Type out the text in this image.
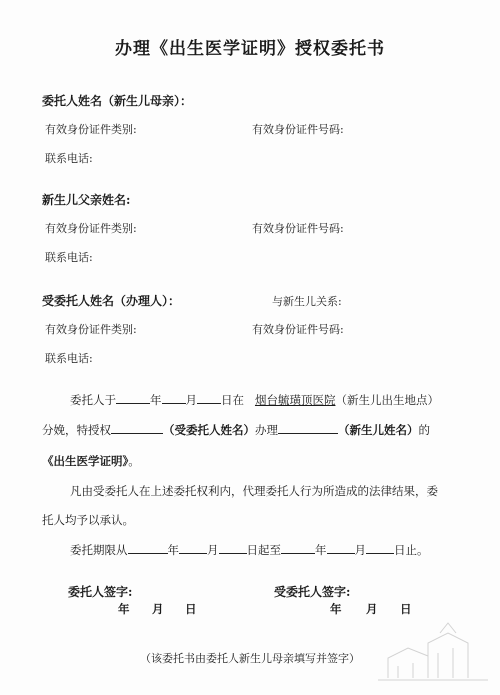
办理《出生医学证明》授权委托书
委托人姓名（新生儿母亲）：
有效身份证件类别:	有效身份证件号码:
联系电话:
新生儿父亲姓名:
有效身份证件类别:	有效身份证件号码:
联系电话:
受委托人姓名（办理人）：	与新生儿关系:
有效身份证件类别:	有效身份证件号码:
联系电话:
委托人于	年 月 日在 烟台毓璜顶医院（新生儿出生地点）
分娩，特授权	（受委托人姓名）办理	（新生儿姓名）的
《出生医学证明》。
凡由受委托人在上述委托权利内，代理委托人行为所造成的法律结果，委
托人均予以承认。
委托期限从	年 月 日起至	年 月 日止。
委托人签字:	受委托人签字:
年 月 日	年 月 日
（该委托书由委托人新生儿母亲填写并签字）
